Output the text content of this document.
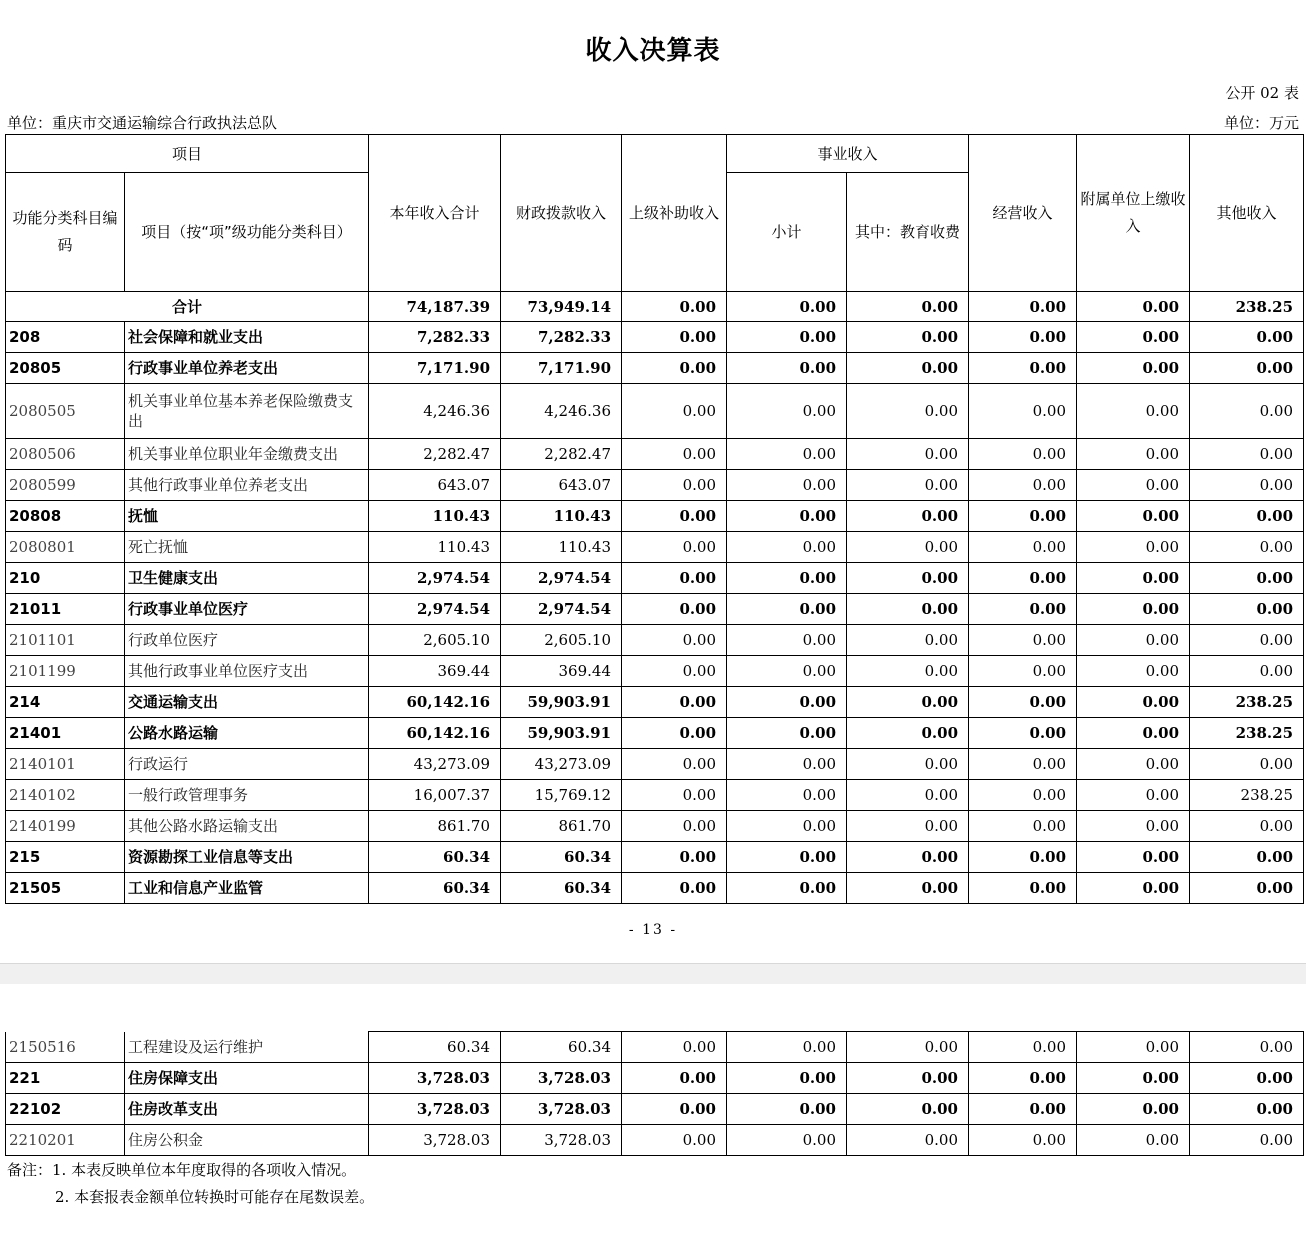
收入决算表
公开 02 表
单位：重庆市交通运输综合行政执法总队	单位：万元
项目		本年收入合计	财政拨款收入	上级补助收入	事业收入		经营收入	附属单位上缴收入	其他收入
功能分类科目编码	项目（按“项”级功能分类科目）				小计	其中：教育收费			
合计		74,187.39	73,949.14	0.00	0.00	0.00	0.00	0.00	238.25
208	社会保障和就业支出	7,282.33	7,282.33	0.00	0.00	0.00	0.00	0.00	0.00
20805	行政事业单位养老支出	7,171.90	7,171.90	0.00	0.00	0.00	0.00	0.00	0.00
2080505	机关事业单位基本养老保险缴费支出	4,246.36	4,246.36	0.00	0.00	0.00	0.00	0.00	0.00
2080506	机关事业单位职业年金缴费支出	2,282.47	2,282.47	0.00	0.00	0.00	0.00	0.00	0.00
2080599	其他行政事业单位养老支出	643.07	643.07	0.00	0.00	0.00	0.00	0.00	0.00
20808	抚恤	110.43	110.43	0.00	0.00	0.00	0.00	0.00	0.00
2080801	死亡抚恤	110.43	110.43	0.00	0.00	0.00	0.00	0.00	0.00
210	卫生健康支出	2,974.54	2,974.54	0.00	0.00	0.00	0.00	0.00	0.00
21011	行政事业单位医疗	2,974.54	2,974.54	0.00	0.00	0.00	0.00	0.00	0.00
2101101	行政单位医疗	2,605.10	2,605.10	0.00	0.00	0.00	0.00	0.00	0.00
2101199	其他行政事业单位医疗支出	369.44	369.44	0.00	0.00	0.00	0.00	0.00	0.00
214	交通运输支出	60,142.16	59,903.91	0.00	0.00	0.00	0.00	0.00	238.25
21401	公路水路运输	60,142.16	59,903.91	0.00	0.00	0.00	0.00	0.00	238.25
2140101	行政运行	43,273.09	43,273.09	0.00	0.00	0.00	0.00	0.00	0.00
2140102	一般行政管理事务	16,007.37	15,769.12	0.00	0.00	0.00	0.00	0.00	238.25
2140199	其他公路水路运输支出	861.70	861.70	0.00	0.00	0.00	0.00	0.00	0.00
215	资源勘探工业信息等支出	60.34	60.34	0.00	0.00	0.00	0.00	0.00	0.00
21505	工业和信息产业监管	60.34	60.34	0.00	0.00	0.00	0.00	0.00	0.00
- 13 -
2150516	工程建设及运行维护	60.34	60.34	0.00	0.00	0.00	0.00	0.00	0.00
221	住房保障支出	3,728.03	3,728.03	0.00	0.00	0.00	0.00	0.00	0.00
22102	住房改革支出	3,728.03	3,728.03	0.00	0.00	0.00	0.00	0.00	0.00
2210201	住房公积金	3,728.03	3,728.03	0.00	0.00	0.00	0.00	0.00	0.00
备注：1. 本表反映单位本年度取得的各项收入情况。
2. 本套报表金额单位转换时可能存在尾数误差。
